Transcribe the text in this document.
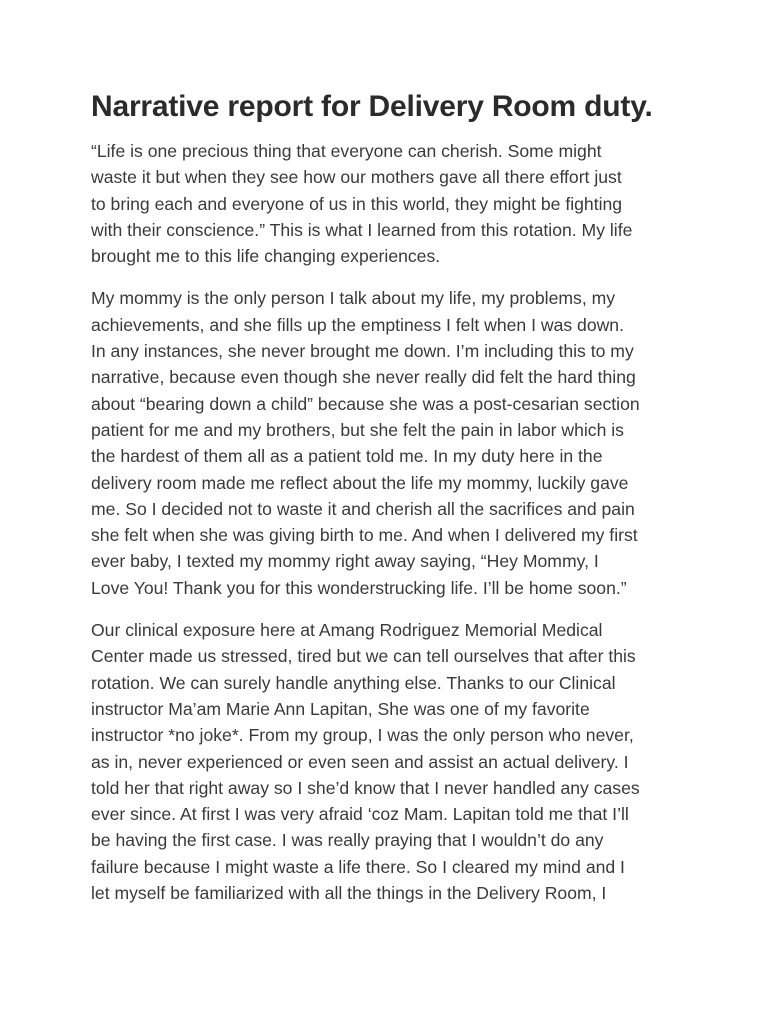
Narrative report for Delivery Room duty.

“Life is one precious thing that everyone can cherish. Some might
waste it but when they see how our mothers gave all there effort just
to bring each and everyone of us in this world, they might be fighting
with their conscience.” This is what I learned from this rotation. My life
brought me to this life changing experiences.

My mommy is the only person I talk about my life, my problems, my
achievements, and she fills up the emptiness I felt when I was down.
In any instances, she never brought me down. I’m including this to my
narrative, because even though she never really did felt the hard thing
about “bearing down a child” because she was a post-cesarian section
patient for me and my brothers, but she felt the pain in labor which is
the hardest of them all as a patient told me. In my duty here in the
delivery room made me reflect about the life my mommy, luckily gave
me. So I decided not to waste it and cherish all the sacrifices and pain
she felt when she was giving birth to me. And when I delivered my first
ever baby, I texted my mommy right away saying, “Hey Mommy, I
Love You! Thank you for this wonderstrucking life. I’ll be home soon.”

Our clinical exposure here at Amang Rodriguez Memorial Medical
Center made us stressed, tired but we can tell ourselves that after this
rotation. We can surely handle anything else. Thanks to our Clinical
instructor Ma’am Marie Ann Lapitan, She was one of my favorite
instructor *no joke*. From my group, I was the only person who never,
as in, never experienced or even seen and assist an actual delivery. I
told her that right away so I she’d know that I never handled any cases
ever since. At first I was very afraid ‘coz Mam. Lapitan told me that I’ll
be having the first case. I was really praying that I wouldn’t do any
failure because I might waste a life there. So I cleared my mind and I
let myself be familiarized with all the things in the Delivery Room, I
